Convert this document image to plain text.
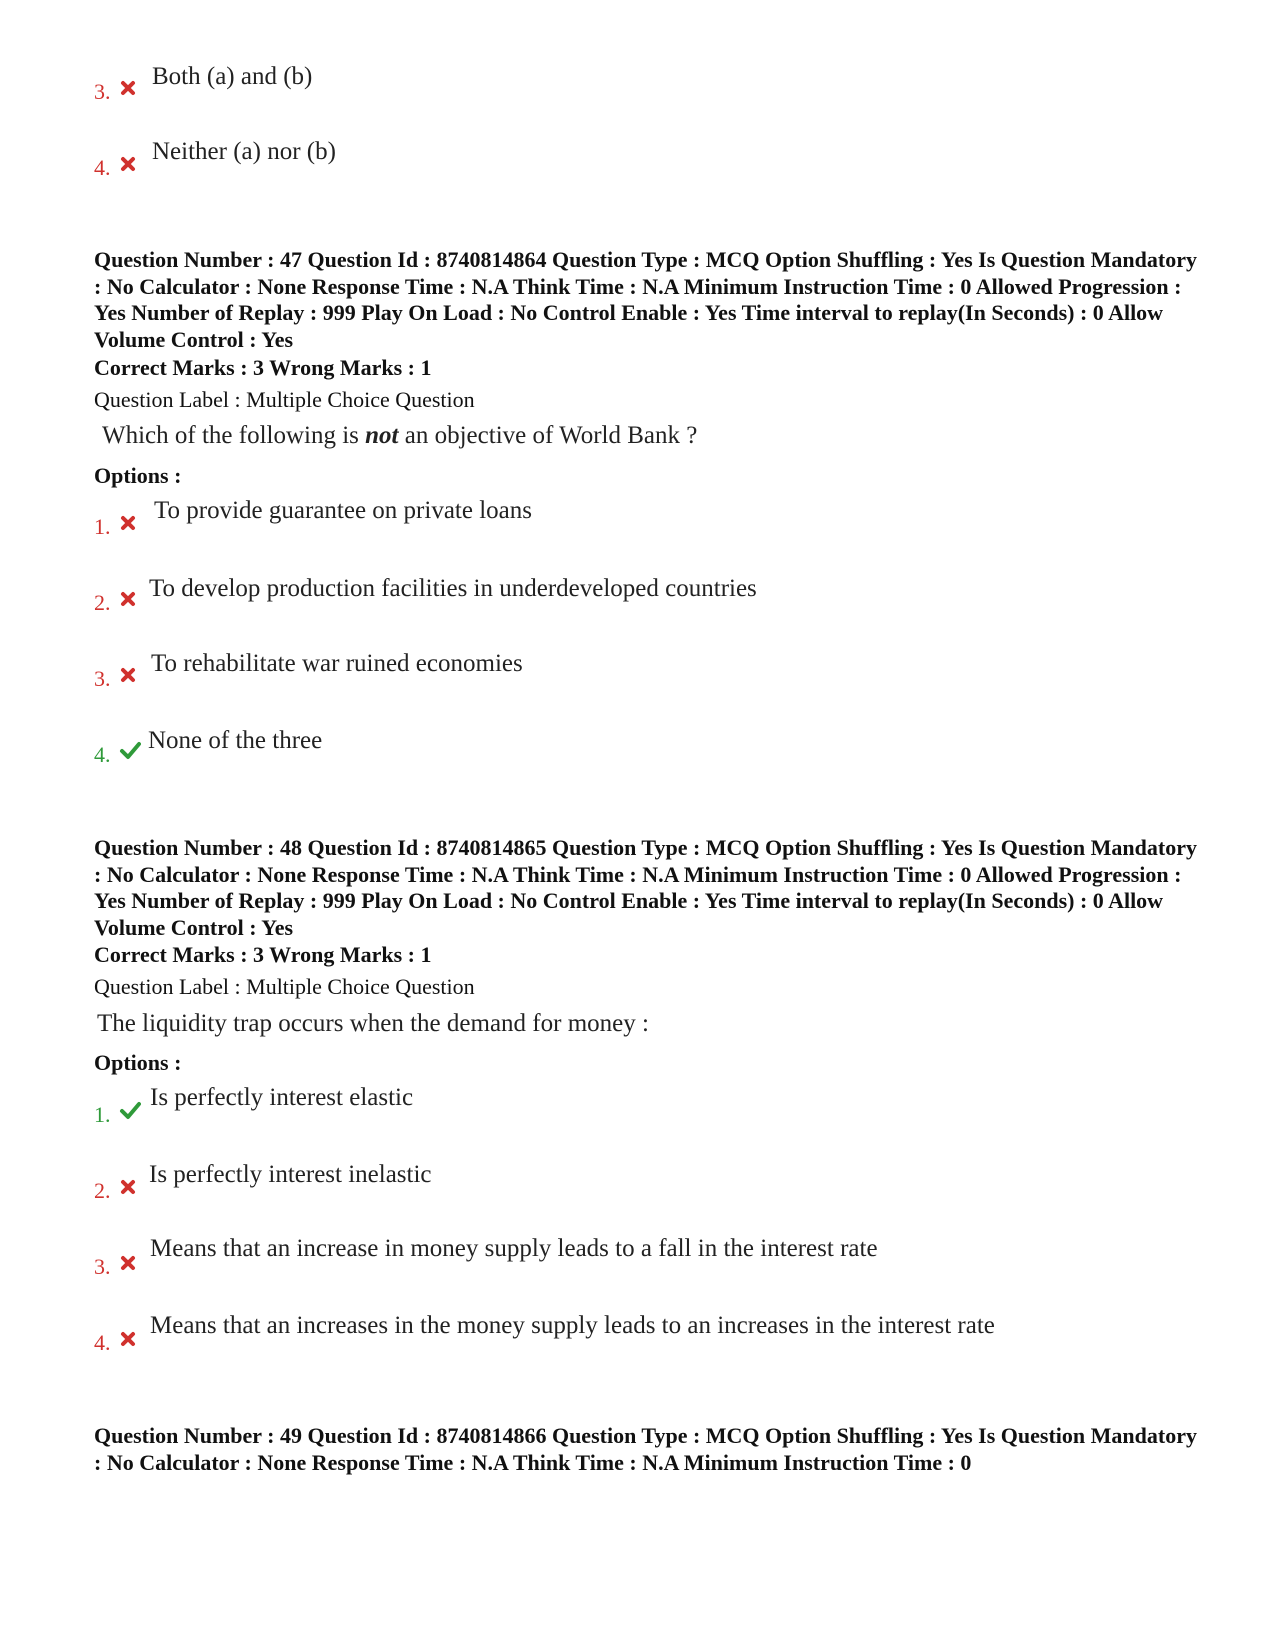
3.
Both (a) and (b)
4.
Neither (a) nor (b)

Question Number : 47 Question Id : 8740814864 Question Type : MCQ Option Shuffling : Yes Is Question Mandatory : No Calculator : None Response Time : N.A Think Time : N.A Minimum Instruction Time : 0 Allowed Progression : Yes Number of Replay : 999 Play On Load : No Control Enable : Yes Time interval to replay(In Seconds) : 0 Allow Volume Control : Yes

Correct Marks : 3 Wrong Marks : 1
Question Label : Multiple Choice Question
Which of the following is not an objective of World Bank ?
Options :
1.
To provide guarantee on private loans
2.
To develop production facilities in underdeveloped countries
3.
To rehabilitate war ruined economies
4.
None of the three

Question Number : 48 Question Id : 8740814865 Question Type : MCQ Option Shuffling : Yes Is Question Mandatory : No Calculator : None Response Time : N.A Think Time : N.A Minimum Instruction Time : 0 Allowed Progression : Yes Number of Replay : 999 Play On Load : No Control Enable : Yes Time interval to replay(In Seconds) : 0 Allow Volume Control : Yes

Correct Marks : 3 Wrong Marks : 1
Question Label : Multiple Choice Question
The liquidity trap occurs when the demand for money :
Options :
1.
Is perfectly interest elastic
2.
Is perfectly interest inelastic
3.
Means that an increase in money supply leads to a fall in the interest rate
4.
Means that an increases in the money supply leads to an increases in the interest rate

Question Number : 49 Question Id : 8740814866 Question Type : MCQ Option Shuffling : Yes Is Question Mandatory : No Calculator : None Response Time : N.A Think Time : N.A Minimum Instruction Time : 0
